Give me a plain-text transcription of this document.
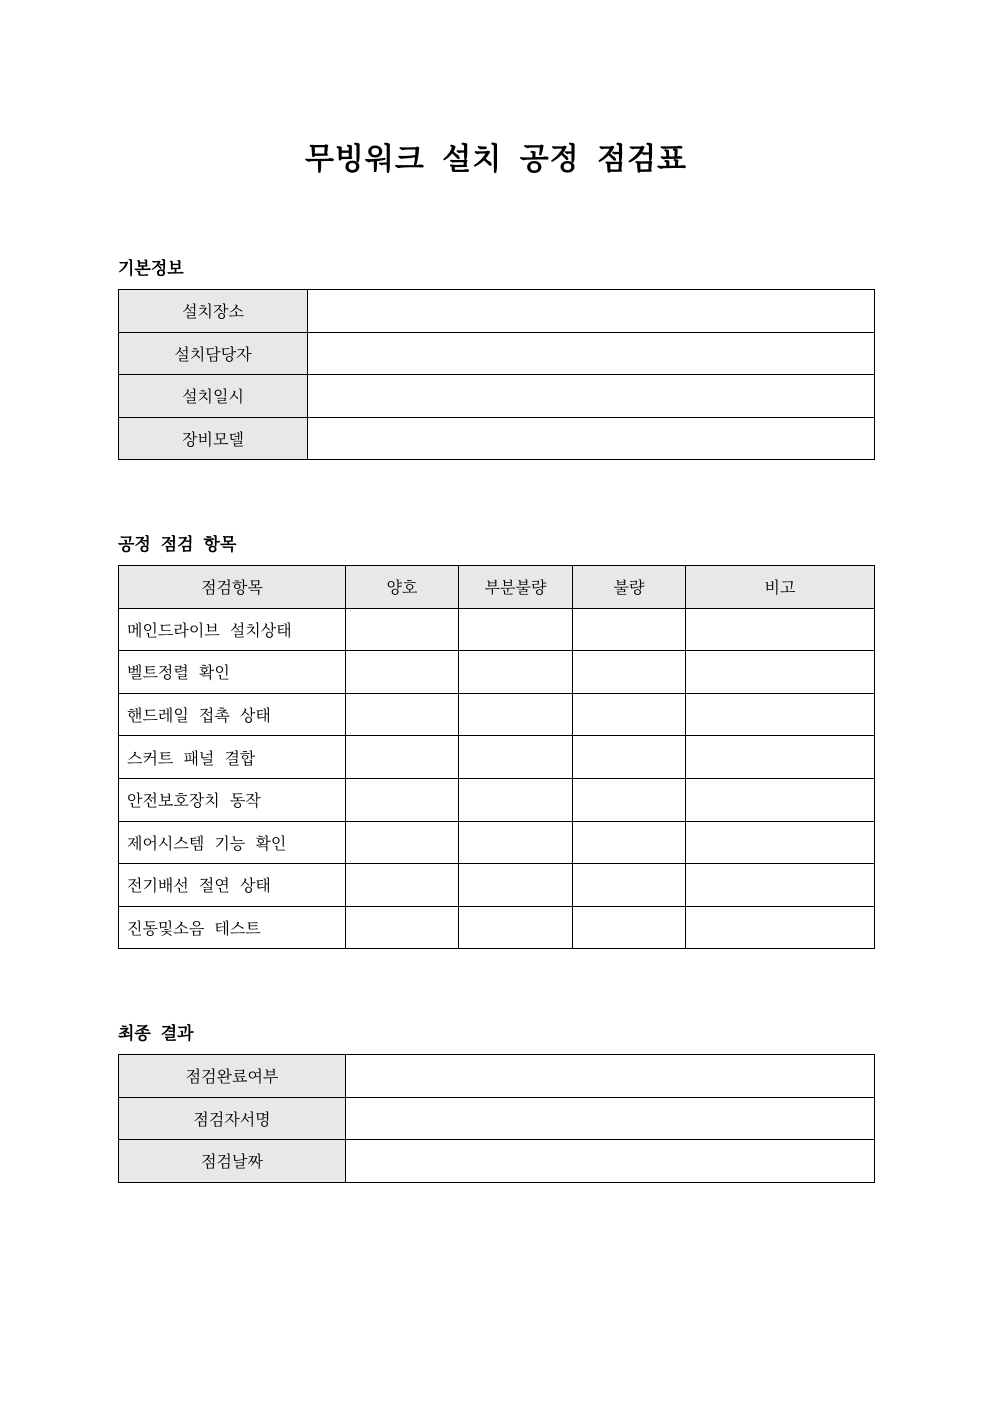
무빙워크 설치 공정 점검표
기본정보
설치장소	
설치담당자	
설치일시	
장비모델	
공정 점검 항목
점검항목	양호	부분불량	불량	비고
메인드라이브 설치상태				
벨트정렬 확인				
핸드레일 접촉 상태				
스커트 패널 결합				
안전보호장치 동작				
제어시스템 기능 확인				
전기배선 절연 상태				
진동및소음 테스트				
최종 결과
점검완료여부	
점검자서명	
점검날짜	
